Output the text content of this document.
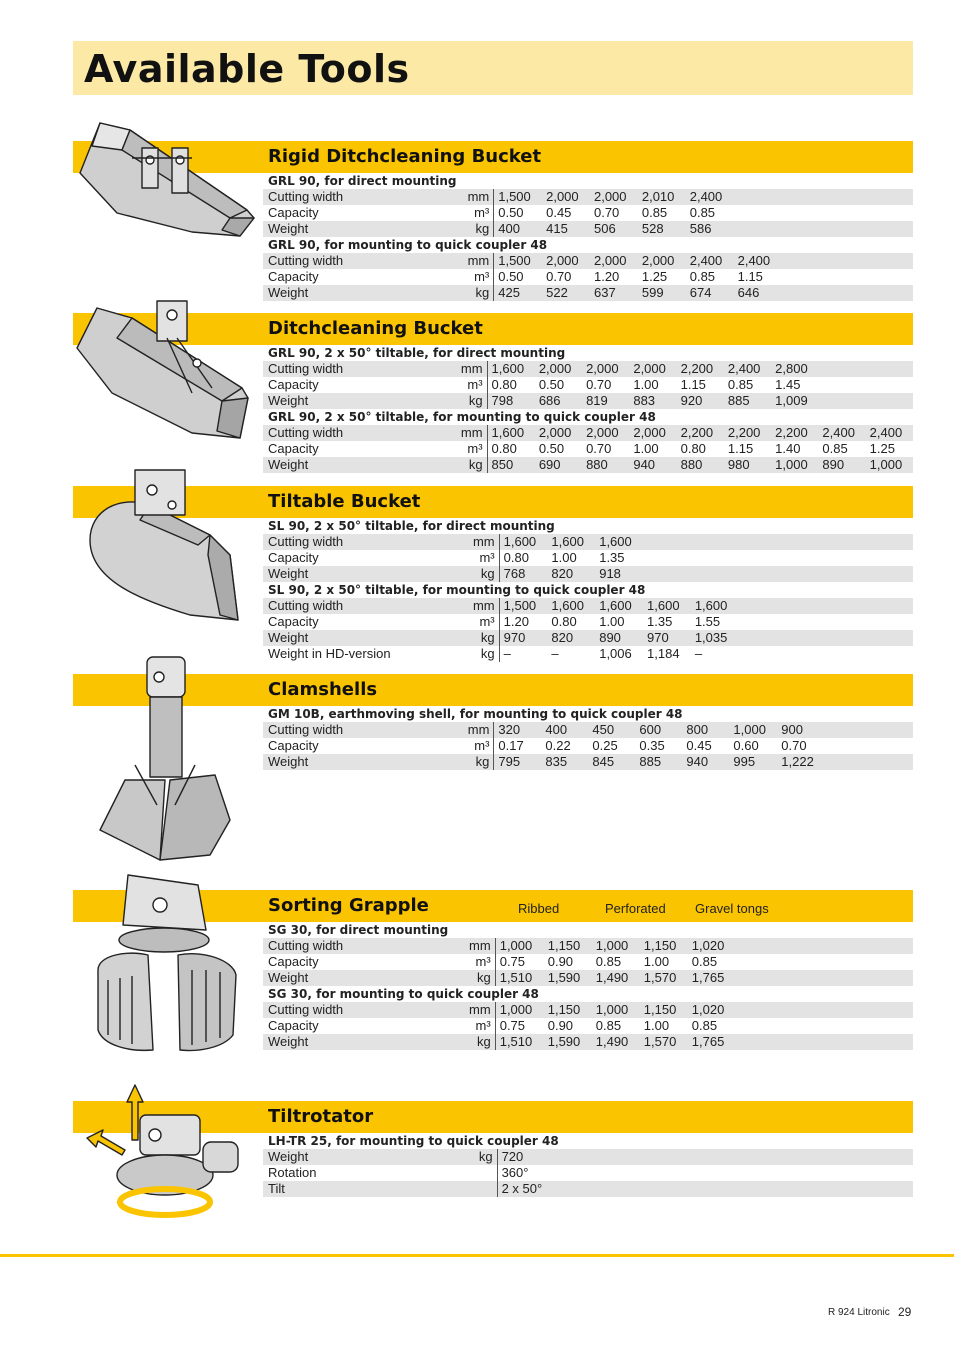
Available Tools
Rigid Ditchcleaning Bucket
GRL 90, for direct mounting											
Cutting width	mm	1,500	2,000	2,000	2,010	2,400					
Capacity	m³	0.50	0.45	0.70	0.85	0.85					
Weight	kg	400	415	506	528	586					
GRL 90, for mounting to quick coupler 48											
Cutting width	mm	1,500	2,000	2,000	2,000	2,400	2,400				
Capacity	m³	0.50	0.70	1.20	1.25	0.85	1.15				
Weight	kg	425	522	637	599	674	646				
Ditchcleaning Bucket
GRL 90, 2 x 50° tiltable, for direct mounting											
Cutting width	mm	1,600	2,000	2,000	2,000	2,200	2,400	2,800			
Capacity	m³	0.80	0.50	0.70	1.00	1.15	0.85	1.45			
Weight	kg	798	686	819	883	920	885	1,009			
GRL 90, 2 x 50° tiltable, for mounting to quick coupler 48											
Cutting width	mm	1,600	2,000	2,000	2,000	2,200	2,200	2,200	2,400	2,400	
Capacity	m³	0.80	0.50	0.70	1.00	0.80	1.15	1.40	0.85	1.25	
Weight	kg	850	690	880	940	880	980	1,000	890	1,000	
Tiltable Bucket
SL 90, 2 x 50° tiltable, for direct mounting											
Cutting width	mm	1,600	1,600	1,600							
Capacity	m³	0.80	1.00	1.35							
Weight	kg	768	820	918							
SL 90, 2 x 50° tiltable, for mounting to quick coupler 48											
Cutting width	mm	1,500	1,600	1,600	1,600	1,600					
Capacity	m³	1.20	0.80	1.00	1.35	1.55					
Weight	kg	970	820	890	970	1,035					
Weight in HD-version	kg	–	–	1,006	1,184	–					
Clamshells
GM 10B, earthmoving shell, for mounting to quick coupler 48											
Cutting width	mm	320	400	450	600	800	1,000	900			
Capacity	m³	0.17	0.22	0.25	0.35	0.45	0.60	0.70			
Weight	kg	795	835	845	885	940	995	1,222			
Sorting Grapple	Ribbed	Perforated Gravel tongs
SG 30, for direct mounting											
Cutting width	mm	1,000	1,150	1,000	1,150	1,020					
Capacity	m³	0.75	0.90	0.85	1.00	0.85					
Weight	kg	1,510	1,590	1,490	1,570	1,765					
SG 30, for mounting to quick coupler 48											
Cutting width	mm	1,000	1,150	1,000	1,150	1,020					
Capacity	m³	0.75	0.90	0.85	1.00	0.85					
Weight	kg	1,510	1,590	1,490	1,570	1,765					
Tiltrotator
LH-TR 25, for mounting to quick coupler 48											
Weight	kg	720									
Rotation		360°									
Tilt		2 x 50°									
R 924 Litronic 29
